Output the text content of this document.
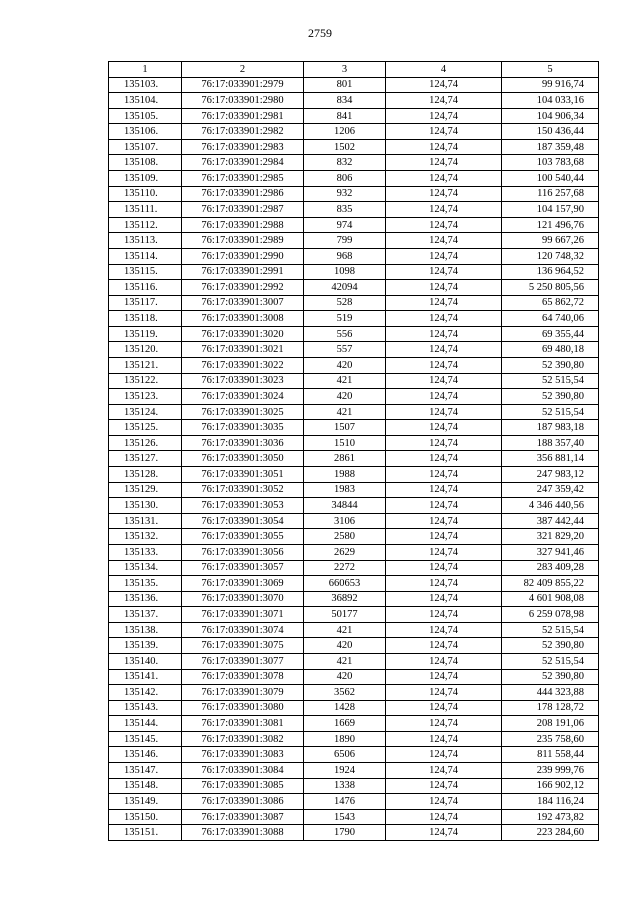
2759
1	2	3	4	5
135103.	76:17:033901:2979	801	124,74	99 916,74
135104.	76:17:033901:2980	834	124,74	104 033,16
135105.	76:17:033901:2981	841	124,74	104 906,34
135106.	76:17:033901:2982	1206	124,74	150 436,44
135107.	76:17:033901:2983	1502	124,74	187 359,48
135108.	76:17:033901:2984	832	124,74	103 783,68
135109.	76:17:033901:2985	806	124,74	100 540,44
135110.	76:17:033901:2986	932	124,74	116 257,68
135111.	76:17:033901:2987	835	124,74	104 157,90
135112.	76:17:033901:2988	974	124,74	121 496,76
135113.	76:17:033901:2989	799	124,74	99 667,26
135114.	76:17:033901:2990	968	124,74	120 748,32
135115.	76:17:033901:2991	1098	124,74	136 964,52
135116.	76:17:033901:2992	42094	124,74	5 250 805,56
135117.	76:17:033901:3007	528	124,74	65 862,72
135118.	76:17:033901:3008	519	124,74	64 740,06
135119.	76:17:033901:3020	556	124,74	69 355,44
135120.	76:17:033901:3021	557	124,74	69 480,18
135121.	76:17:033901:3022	420	124,74	52 390,80
135122.	76:17:033901:3023	421	124,74	52 515,54
135123.	76:17:033901:3024	420	124,74	52 390,80
135124.	76:17:033901:3025	421	124,74	52 515,54
135125.	76:17:033901:3035	1507	124,74	187 983,18
135126.	76:17:033901:3036	1510	124,74	188 357,40
135127.	76:17:033901:3050	2861	124,74	356 881,14
135128.	76:17:033901:3051	1988	124,74	247 983,12
135129.	76:17:033901:3052	1983	124,74	247 359,42
135130.	76:17:033901:3053	34844	124,74	4 346 440,56
135131.	76:17:033901:3054	3106	124,74	387 442,44
135132.	76:17:033901:3055	2580	124,74	321 829,20
135133.	76:17:033901:3056	2629	124,74	327 941,46
135134.	76:17:033901:3057	2272	124,74	283 409,28
135135.	76:17:033901:3069	660653	124,74	82 409 855,22
135136.	76:17:033901:3070	36892	124,74	4 601 908,08
135137.	76:17:033901:3071	50177	124,74	6 259 078,98
135138.	76:17:033901:3074	421	124,74	52 515,54
135139.	76:17:033901:3075	420	124,74	52 390,80
135140.	76:17:033901:3077	421	124,74	52 515,54
135141.	76:17:033901:3078	420	124,74	52 390,80
135142.	76:17:033901:3079	3562	124,74	444 323,88
135143.	76:17:033901:3080	1428	124,74	178 128,72
135144.	76:17:033901:3081	1669	124,74	208 191,06
135145.	76:17:033901:3082	1890	124,74	235 758,60
135146.	76:17:033901:3083	6506	124,74	811 558,44
135147.	76:17:033901:3084	1924	124,74	239 999,76
135148.	76:17:033901:3085	1338	124,74	166 902,12
135149.	76:17:033901:3086	1476	124,74	184 116,24
135150.	76:17:033901:3087	1543	124,74	192 473,82
135151.	76:17:033901:3088	1790	124,74	223 284,60
